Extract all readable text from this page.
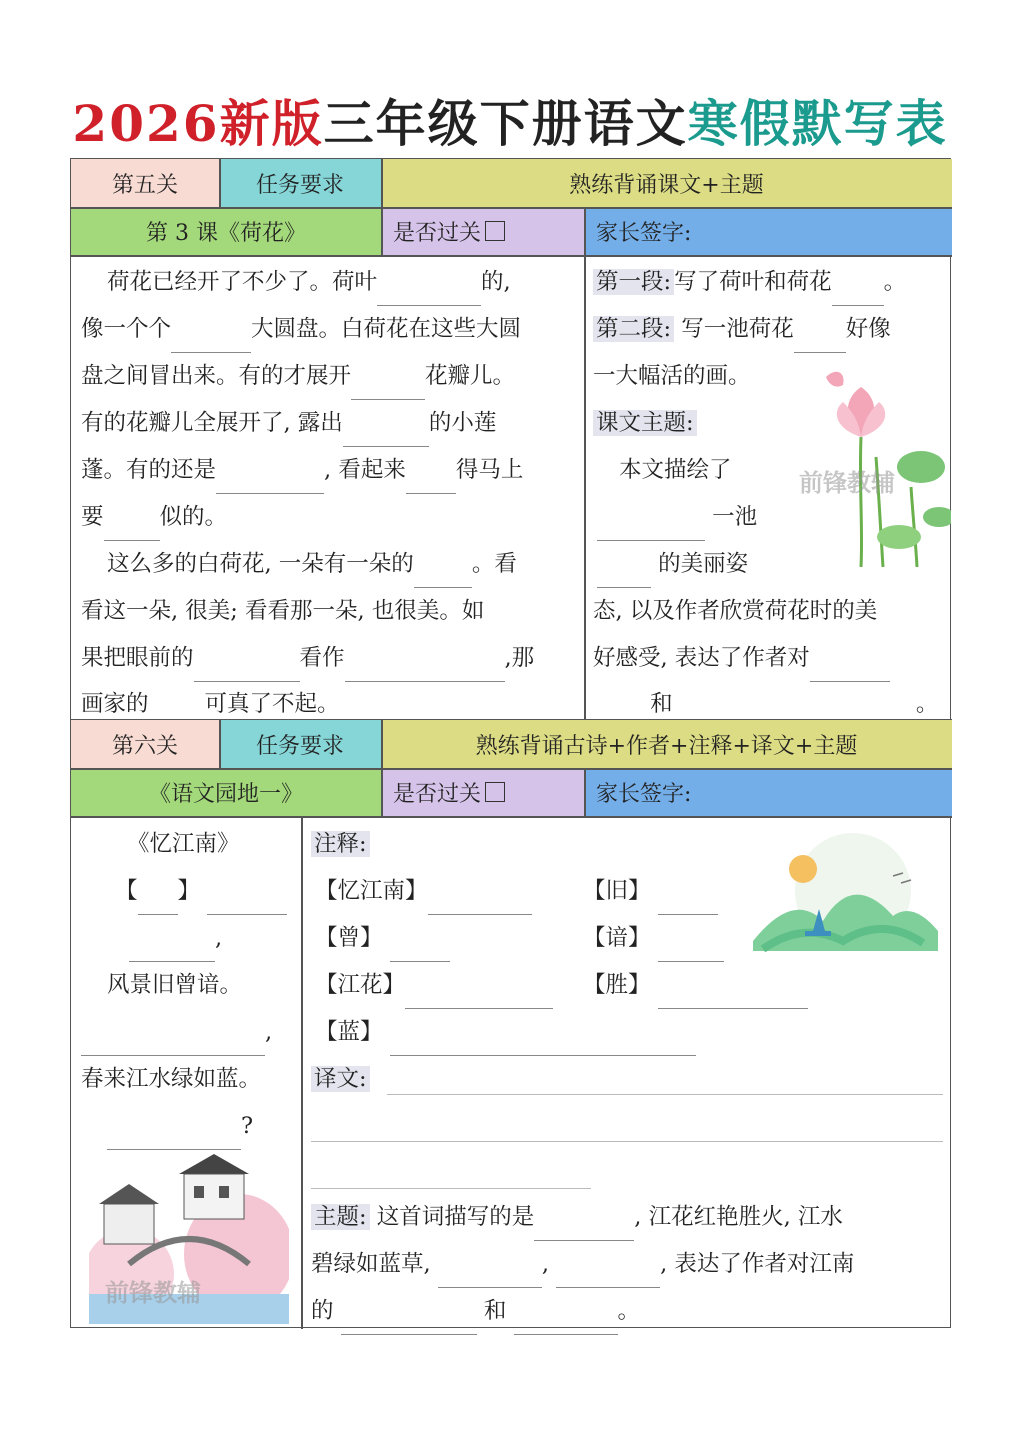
2026新版三年级下册语文寒假默写表
第五关	任务要求	熟练背诵课文+主题
第 3 课《荷花》	是否过关	家长签字:
荷花已经开了不少了。荷叶	的,
像一个个	大圆盘。白荷花在这些大圆
盘之间冒出来。有的才展开	花瓣儿。
有的花瓣儿全展开了, 露出	的小莲
蓬。有的还是	, 看起来 得马上
要 似的。
这么多的白荷花, 一朵有一朵的	。看
看这一朵, 很美; 看看那一朵, 也很美。如
果把眼前的	看作	,那
画家的 可真了不起。
第一段: 写了荷叶和荷花 。
第二段: 写一池荷花 好像
一大幅活的画。
课文主题:
本文描绘了
一池
的美丽姿
态, 以及作者欣赏荷花时的美
好感受, 表达了作者对
和	。
前锋教辅
第六关	任务要求	熟练背诵古诗+作者+注释+译文+主题
《语文园地一》	是否过关	家长签字:
《忆江南》
【 】
,
风景旧曾谙。
,
春来江水绿如蓝。
?
前锋教辅
注释:
【忆江南】	【旧】
【曾】	【谙】
【江花】	【胜】
【蓝】
译文:
主题: 这首词描写的是	, 江花红艳胜火, 江水
碧绿如蓝草,	,	, 表达了作者对江南
的	和	。
